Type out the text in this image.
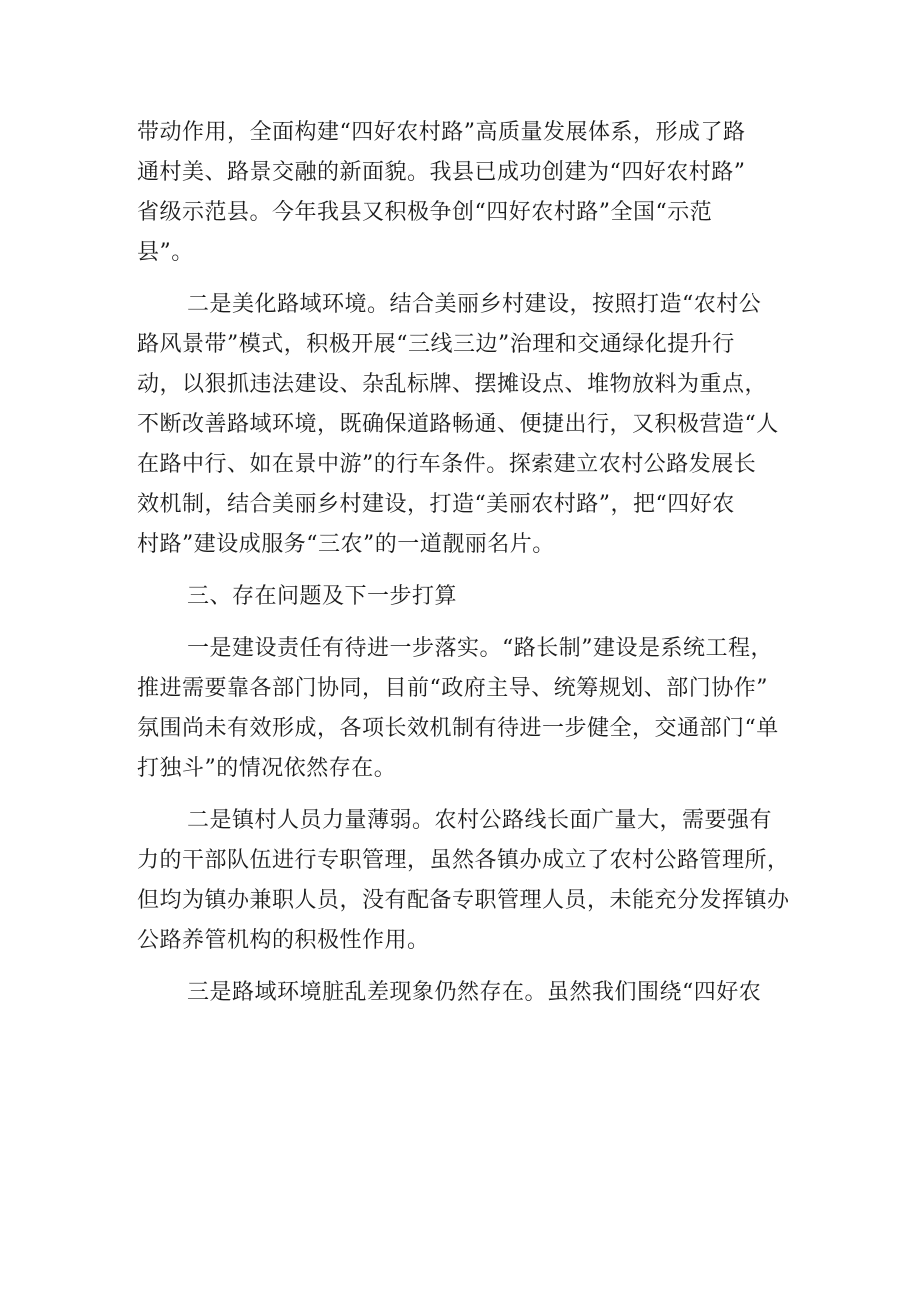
带动作用，全面构建“四好农村路”高质量发展体系，形成了路
通村美、路景交融的新面貌。我县已成功创建为“四好农村路”
省级示范县。今年我县又积极争创“四好农村路”全国“示范
县”。
二是美化路域环境。结合美丽乡村建设，按照打造“农村公
路风景带”模式，积极开展“三线三边”治理和交通绿化提升行
动，以狠抓违法建设、杂乱标牌、摆摊设点、堆物放料为重点，
不断改善路域环境，既确保道路畅通、便捷出行，又积极营造“人
在路中行、如在景中游”的行车条件。探索建立农村公路发展长
效机制，结合美丽乡村建设，打造“美丽农村路”，把“四好农
村路”建设成服务“三农”的一道靓丽名片。
三、存在问题及下一步打算
一是建设责任有待进一步落实。“路长制”建设是系统工程，
推进需要靠各部门协同，目前“政府主导、统筹规划、部门协作”
氛围尚未有效形成，各项长效机制有待进一步健全，交通部门“单
打独斗”的情况依然存在。
二是镇村人员力量薄弱。农村公路线长面广量大，需要强有
力的干部队伍进行专职管理，虽然各镇办成立了农村公路管理所，
但均为镇办兼职人员，没有配备专职管理人员，未能充分发挥镇办
公路养管机构的积极性作用。
三是路域环境脏乱差现象仍然存在。虽然我们围绕“四好农
